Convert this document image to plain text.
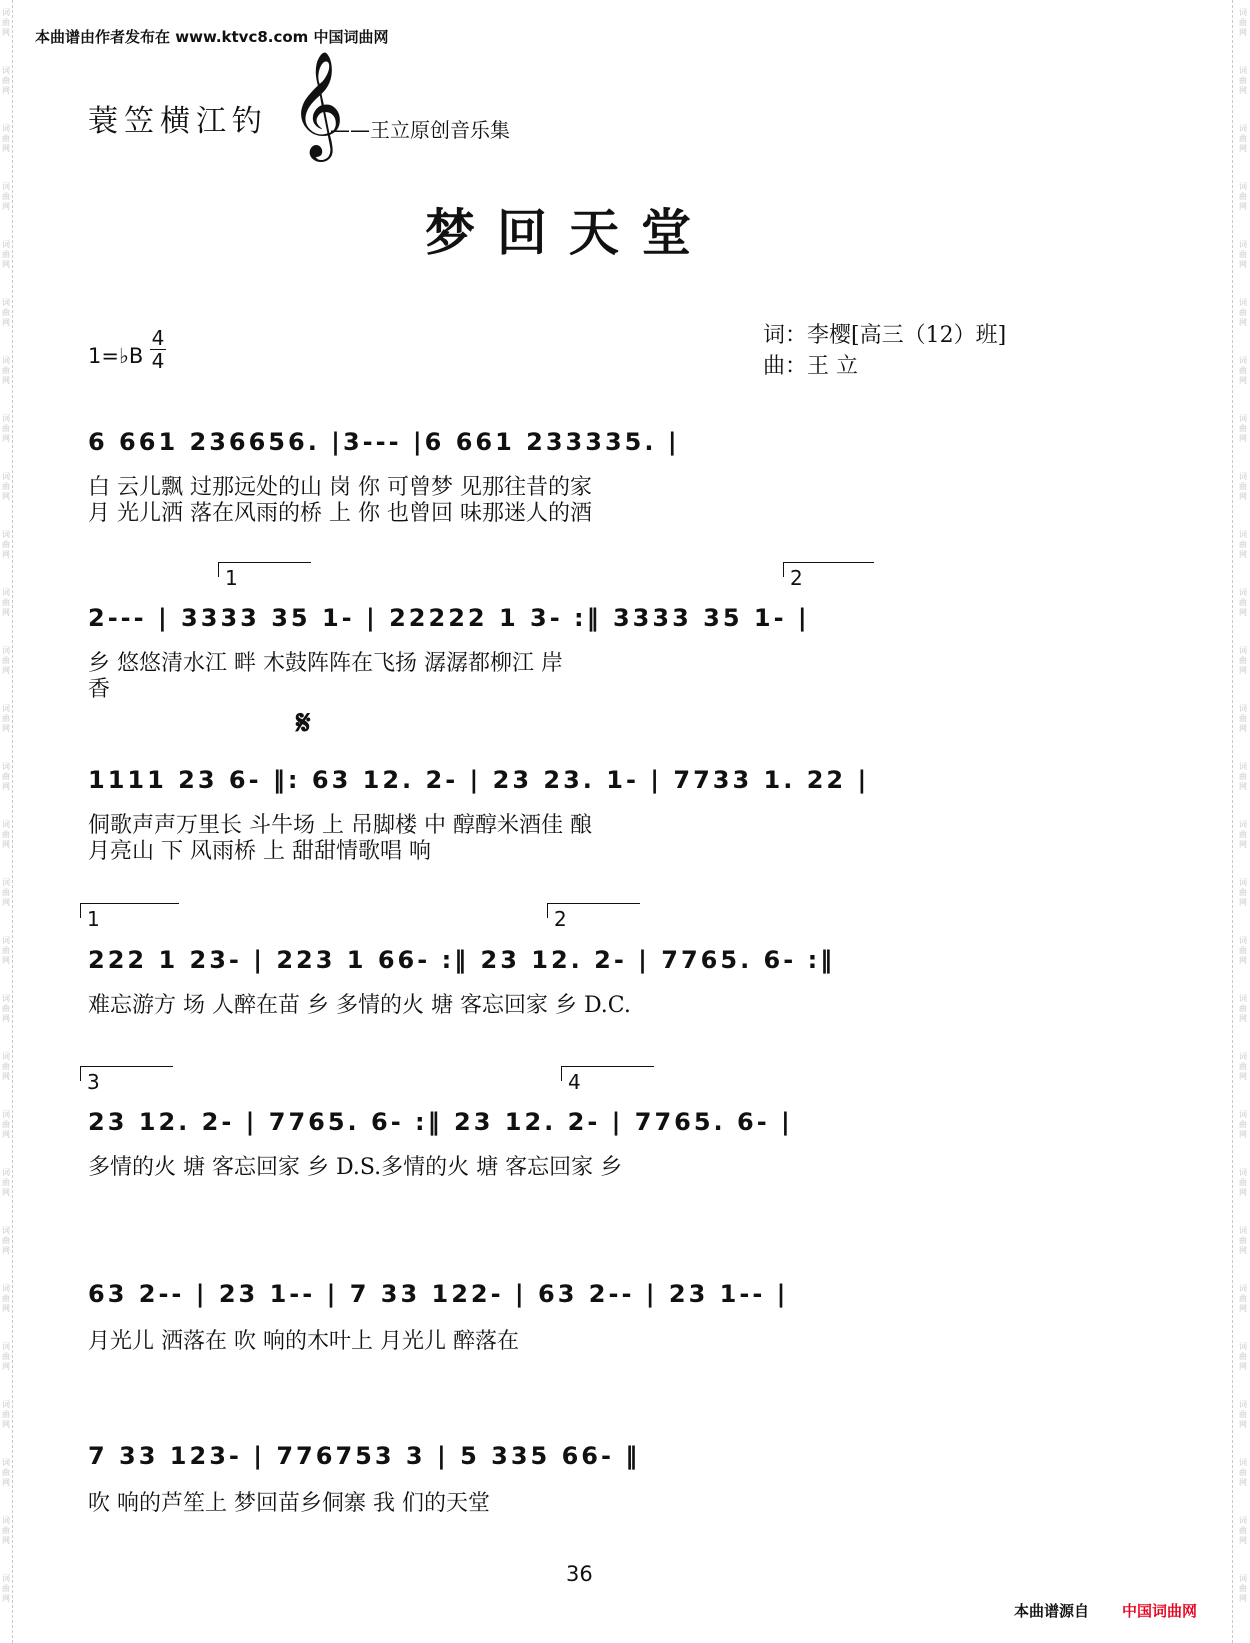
词
曲
网
词
曲
网
词
曲
网
词
曲
网
词
曲
网
词
曲
网
词
曲
网
词
曲
网
词
曲
网
词
曲
网
词
曲
网
词
曲
网
词
曲
网
词
曲
网
词
曲
网
词
曲
网
词
曲
网
词
曲
网
词
曲
网
词
曲
网
词
曲
网
词
曲
网
词
曲
网
词
曲
网
词
曲
网
词
曲
网
词
曲
网
词
曲
网
词
曲
网
词
曲
网
词
曲
网
词
曲
网
词
曲
网
词
曲
网
词
曲
网
词
曲
网
词
曲
网
词
曲
网
词
曲
网
词
曲
网
词
曲
网
词
曲
网
词
曲
网
词
曲
网
词
曲
网
词
曲
网
词
曲
网
词
曲
网
词
曲
网
词
曲
网
词
曲
网
词
曲
网
词
曲
网
词
曲
网
词
曲
网
词
曲
网
本曲谱由作者发布在 www.ktvc8.com 中国词曲网
蓑笠横江钓 𝄞
——王立原创音乐集
梦回天堂
1=♭B
4
4
词：李樱[高三（12）班]
曲：王 立
6 661 236656. |3--- |6 661 233335. |
白 云儿飘 过那远处的山 岗 你 可曾梦 见那往昔的家
月 光儿洒 落在风雨的桥 上 你 也曾回 味那迷人的酒
1	2
2--- | 3333 35 1- | 22222 1 3- :‖ 3333 35 1- |
乡 悠悠清水江 畔 木鼓阵阵在飞扬 潺潺都柳江 岸
香
𝄋
1111 23 6- ‖: 63 12. 2- | 23 23. 1- | 7733 1. 22 |
侗歌声声万里长 斗牛场 上 吊脚楼 中 醇醇米酒佳 酿
月亮山 下 风雨桥 上 甜甜情歌唱 响
1	2
222 1 23- | 223 1 66- :‖ 23 12. 2- | 7765. 6- :‖
难忘游方 场 人醉在苗 乡 多情的火 塘 客忘回家 乡 D.C.
3	4
23 12. 2- | 7765. 6- :‖ 23 12. 2- | 7765. 6- |
多情的火 塘 客忘回家 乡 D.S.多情的火 塘 客忘回家 乡
63 2-- | 23 1-- | 7 33 122- | 63 2-- | 23 1-- |
月光儿 洒落在 吹 响的木叶上 月光儿 醉落在
7 33 123- | 776753 3 | 5 335 66- ‖
吹 响的芦笙上 梦回苗乡侗寨 我 们的天堂
36
本曲谱源自 中国词曲网
